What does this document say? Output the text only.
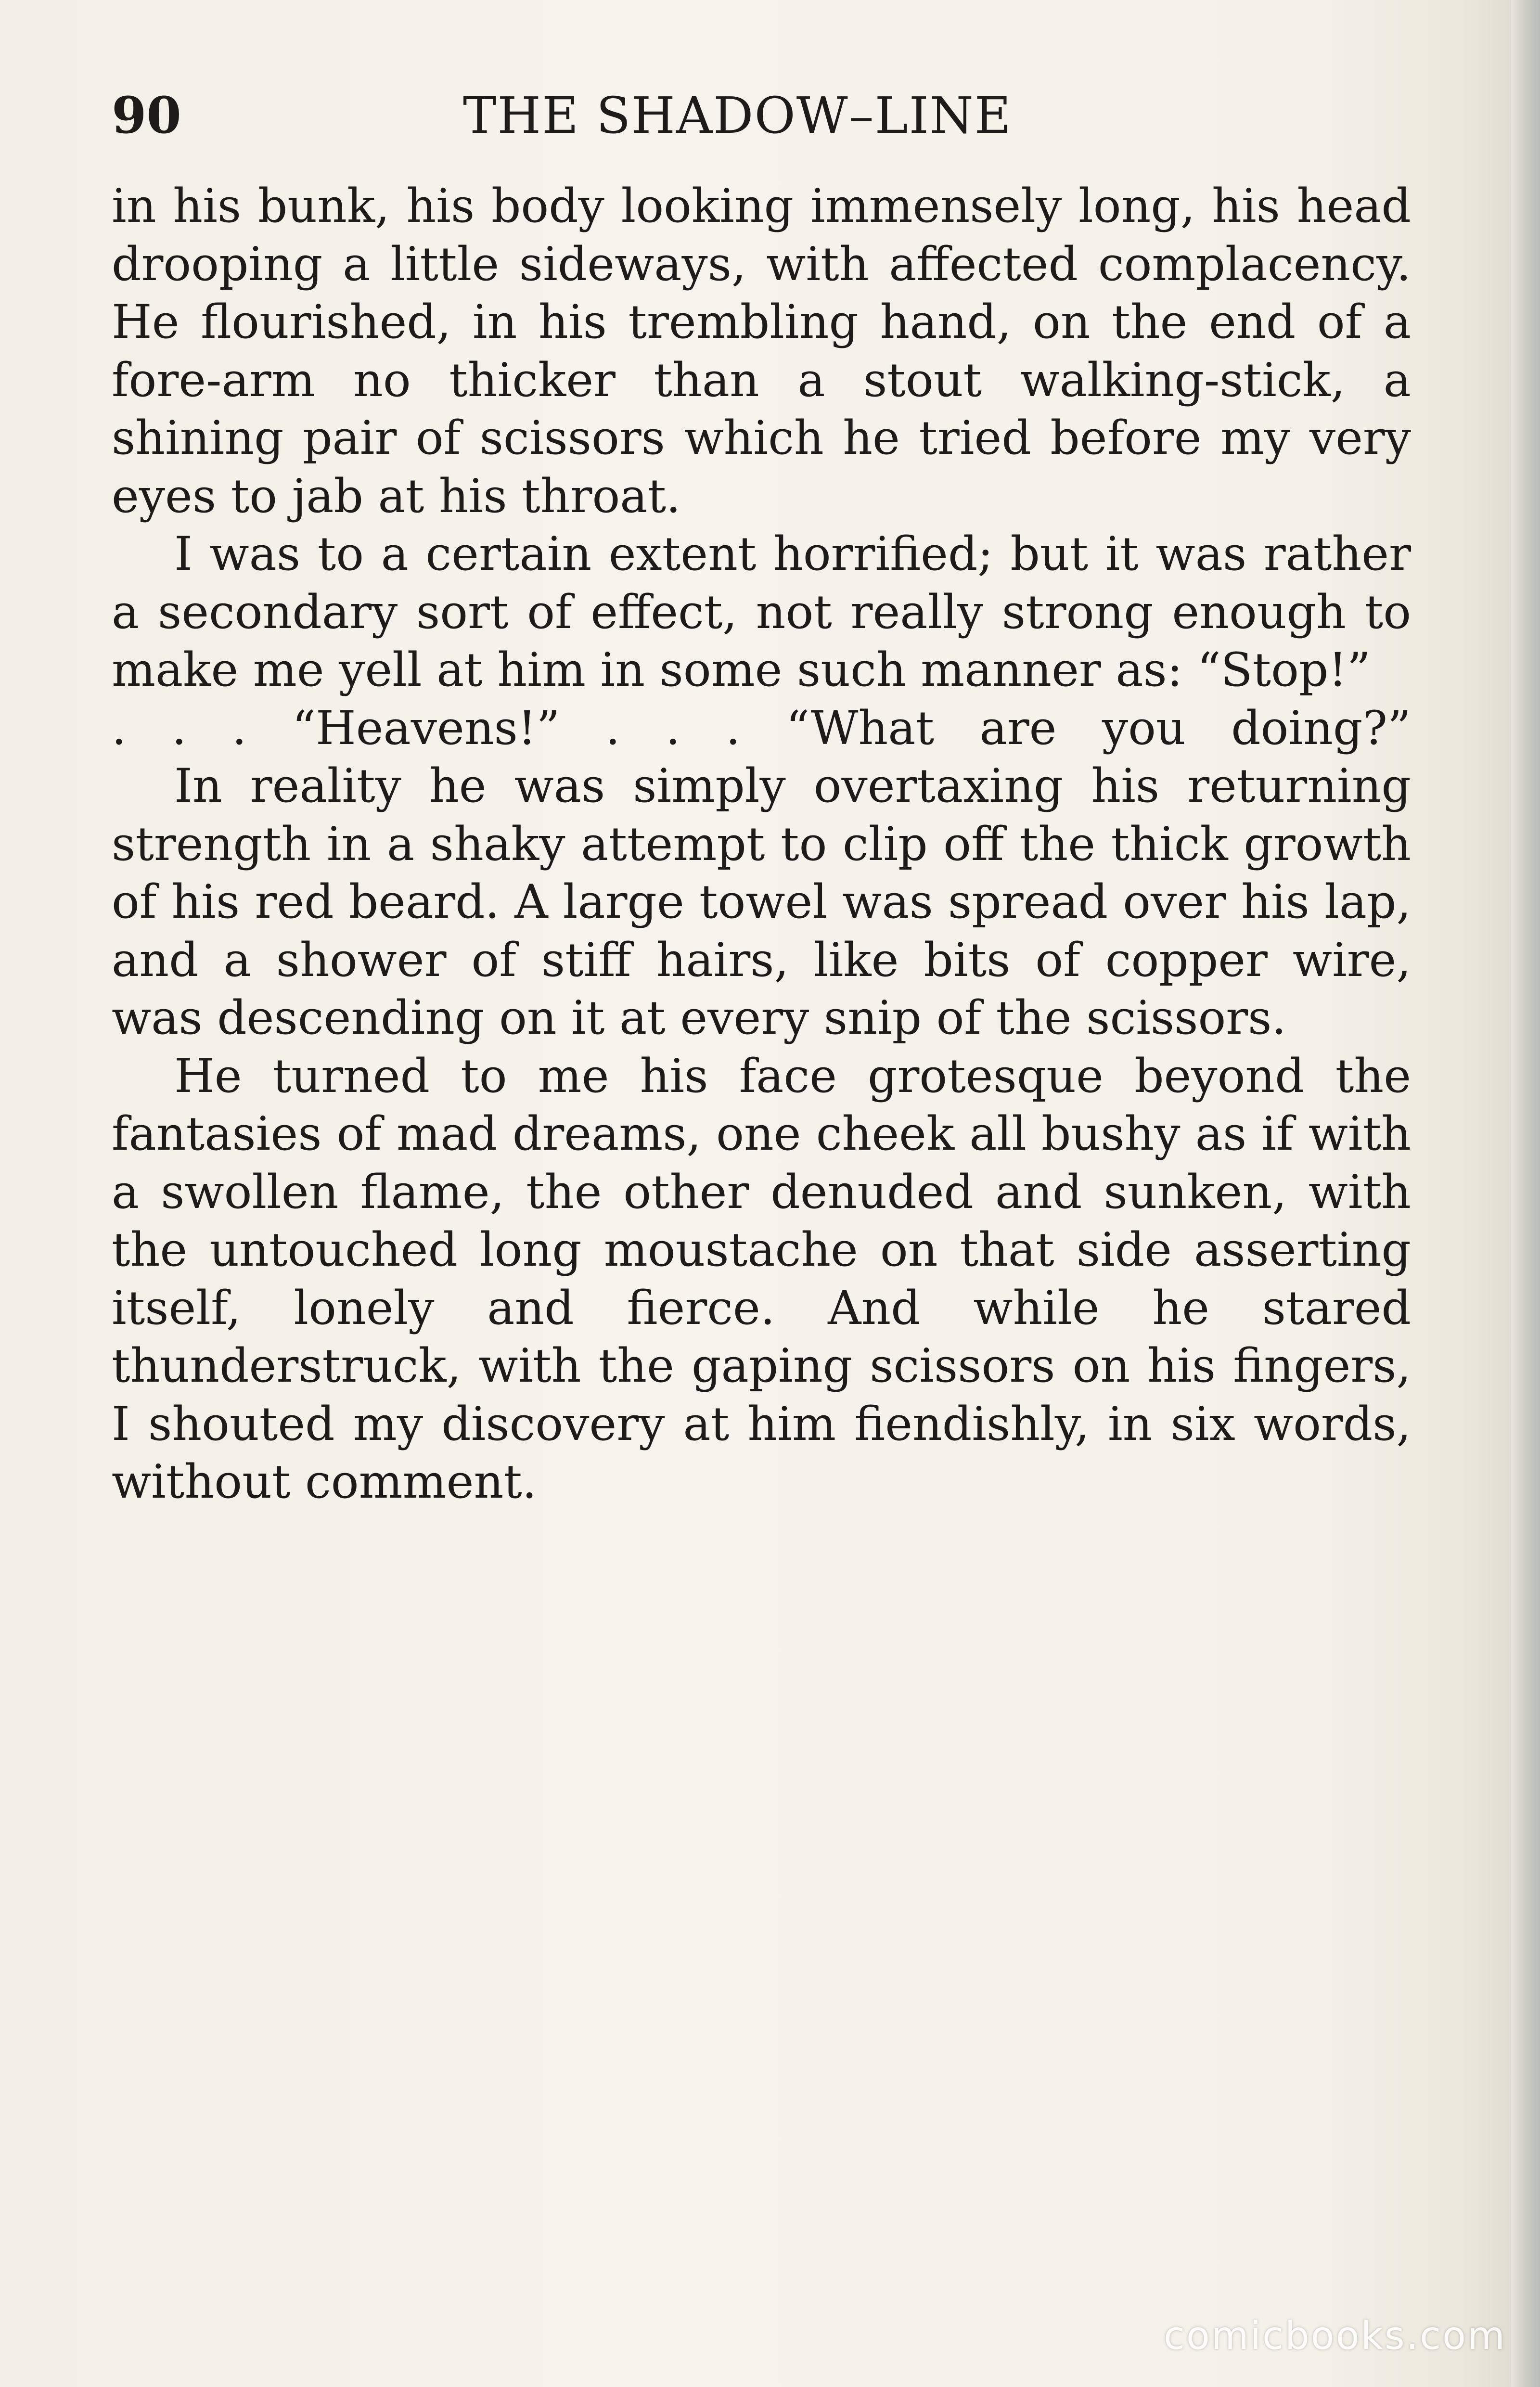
90	THE SHADOW–LINE

in his bunk, his body looking immensely long, his head drooping a little sideways, with affected complacency. He flourished, in his trembling hand, on the end of a fore-arm no thicker than a stout walking-stick, a shining pair of scissors which he tried before my very eyes to jab at his throat.

I was to a certain extent horrified; but it was rather a secondary sort of effect, not really strong enough to make me yell at him in some such manner as: “Stop!”

. . . “Heavens!” . . . “What are you doing?”

In reality he was simply overtaxing his returning strength in a shaky attempt to clip off the thick growth of his red beard. A large towel was spread over his lap, and a shower of stiff hairs, like bits of copper wire, was descending on it at every snip of the scissors.

He turned to me his face grotesque beyond the fantasies of mad dreams, one cheek all bushy as if with a swollen flame, the other denuded and sunken, with the untouched long moustache on that side asserting itself, lonely and fierce. And while he stared thunderstruck, with the gaping scissors on his fingers, I shouted my discovery at him fiendishly, in six words, without comment.

comicbooks.com
